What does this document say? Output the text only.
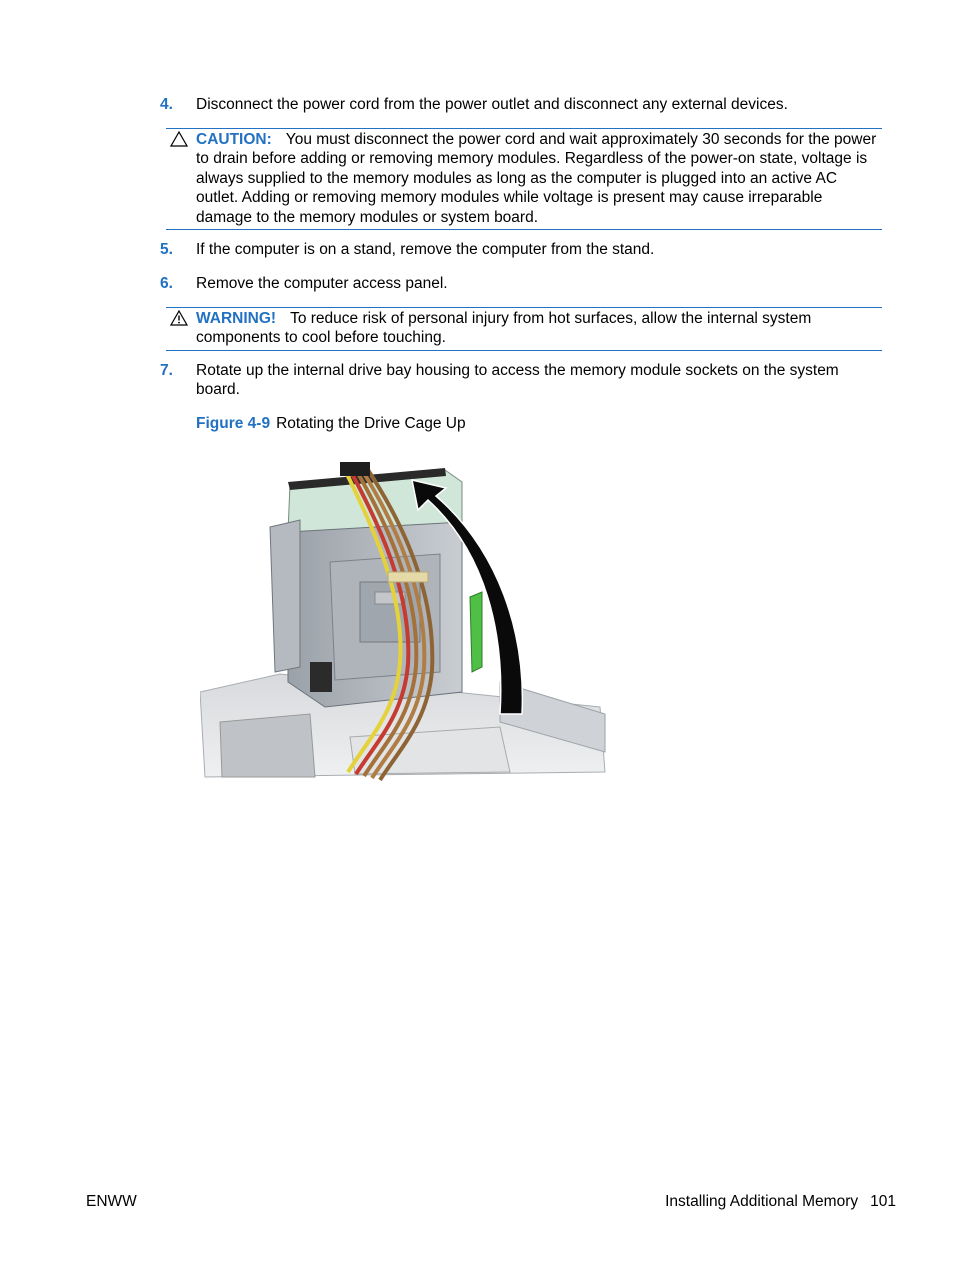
4.	Disconnect the power cord from the power outlet and disconnect any external devices.
CAUTION: You must disconnect the power cord and wait approximately 30 seconds for the power to drain before adding or removing memory modules. Regardless of the power-on state, voltage is always supplied to the memory modules as long as the computer is plugged into an active AC outlet. Adding or removing memory modules while voltage is present may cause irreparable damage to the memory modules or system board.
5.	If the computer is on a stand, remove the computer from the stand.
6.	Remove the computer access panel.
WARNING! To reduce risk of personal injury from hot surfaces, allow the internal system components to cool before touching.
7.	Rotate up the internal drive bay housing to access the memory module sockets on the system board.
Figure 4-9 Rotating the Drive Cage Up
ENWW	Installing Additional Memory 101
